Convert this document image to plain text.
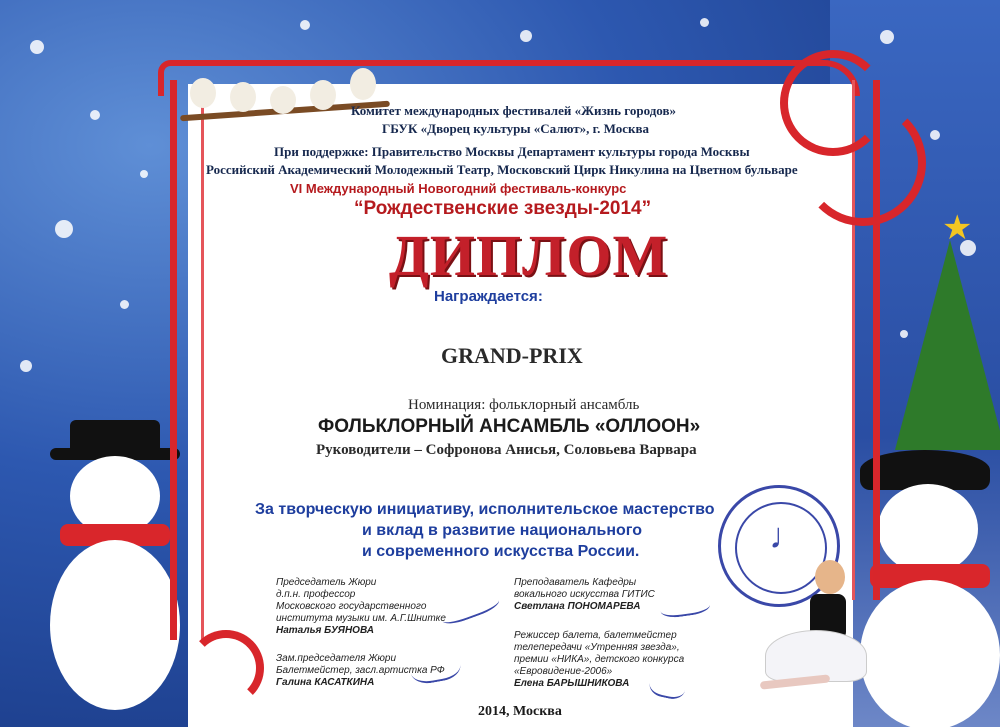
★
Комитет международных фестивалей «Жизнь городов»
ГБУК «Дворец культуры «Салют», г. Москва
При поддержке: Правительство Москвы Департамент культуры города Москвы
Российский Академический Молодежный Театр, Московский Цирк Никулина на Цветном бульваре
VI Международный Новогодний фестиваль-конкурс
“Рождественские звезды-2014”
ДИПЛОМ
Награждается:
GRAND-PRIX
Номинация: фольклорный ансамбль
ФОЛЬКЛОРНЫЙ АНСАМБЛЬ «ОЛЛООН»
Руководители – Софронова Анисья, Соловьева Варвара
За творческую инициативу, исполнительское мастерство
и вклад в развитие национального
и современного искусства России.
Председатель Жюри
д.п.н. профессор
Московского государственного
института музыки им. А.Г.Шнитке
Наталья БУЯНОВА
Зам.председателя Жюри
Балетмейстер, засл.артистка РФ
Галина КАСАТКИНА
Преподаватель Кафедры
вокального искусства ГИТИС
Светлана ПОНОМАРЕВА
Режиссер балета, балетмейстер
телепередачи «Утренняя звезда»,
премии «НИКА», детского конкурса
«Евровидение-2006»
Елена БАРЫШНИКОВА
♩
2014, Москва
